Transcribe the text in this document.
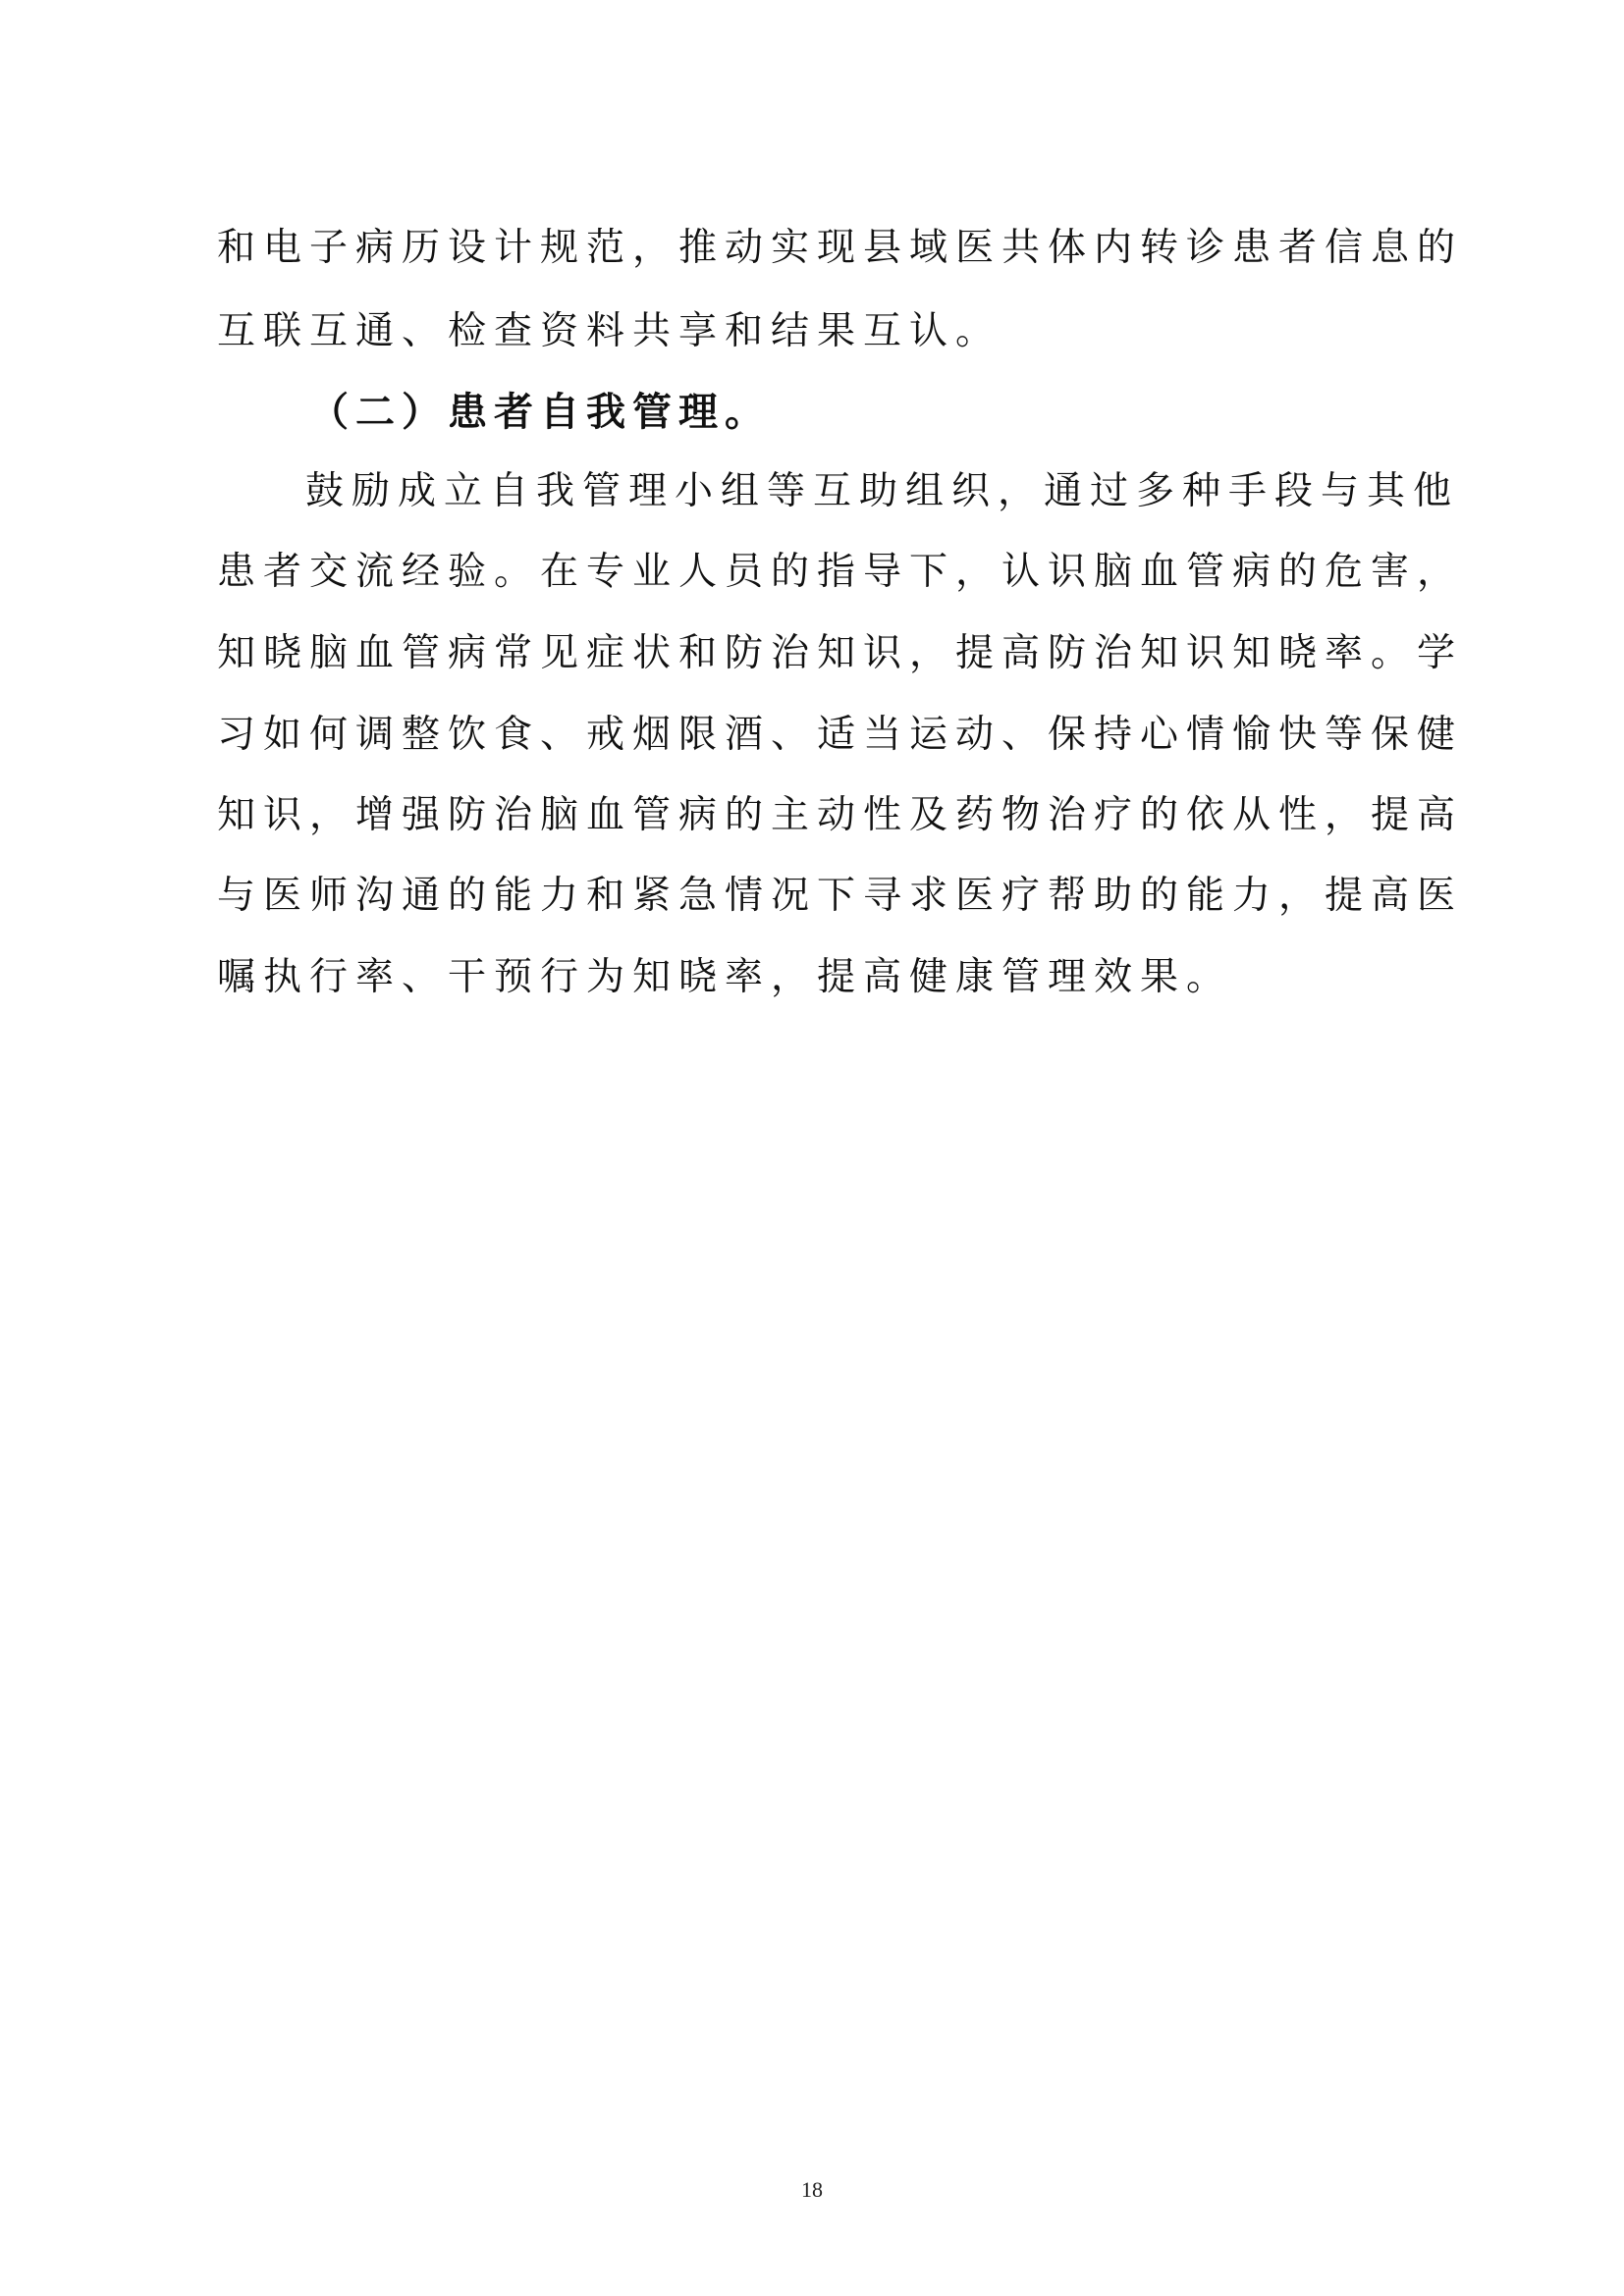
和电子病历设计规范，推动实现县域医共体内转诊患者信息的
互联互通、检查资料共享和结果互认。
（二）患者自我管理。
鼓励成立自我管理小组等互助组织，通过多种手段与其他
患者交流经验。在专业人员的指导下，认识脑血管病的危害，
知晓脑血管病常见症状和防治知识，提高防治知识知晓率。学
习如何调整饮食、戒烟限酒、适当运动、保持心情愉快等保健
知识，增强防治脑血管病的主动性及药物治疗的依从性，提高
与医师沟通的能力和紧急情况下寻求医疗帮助的能力，提高医
嘱执行率、干预行为知晓率，提高健康管理效果。
18
